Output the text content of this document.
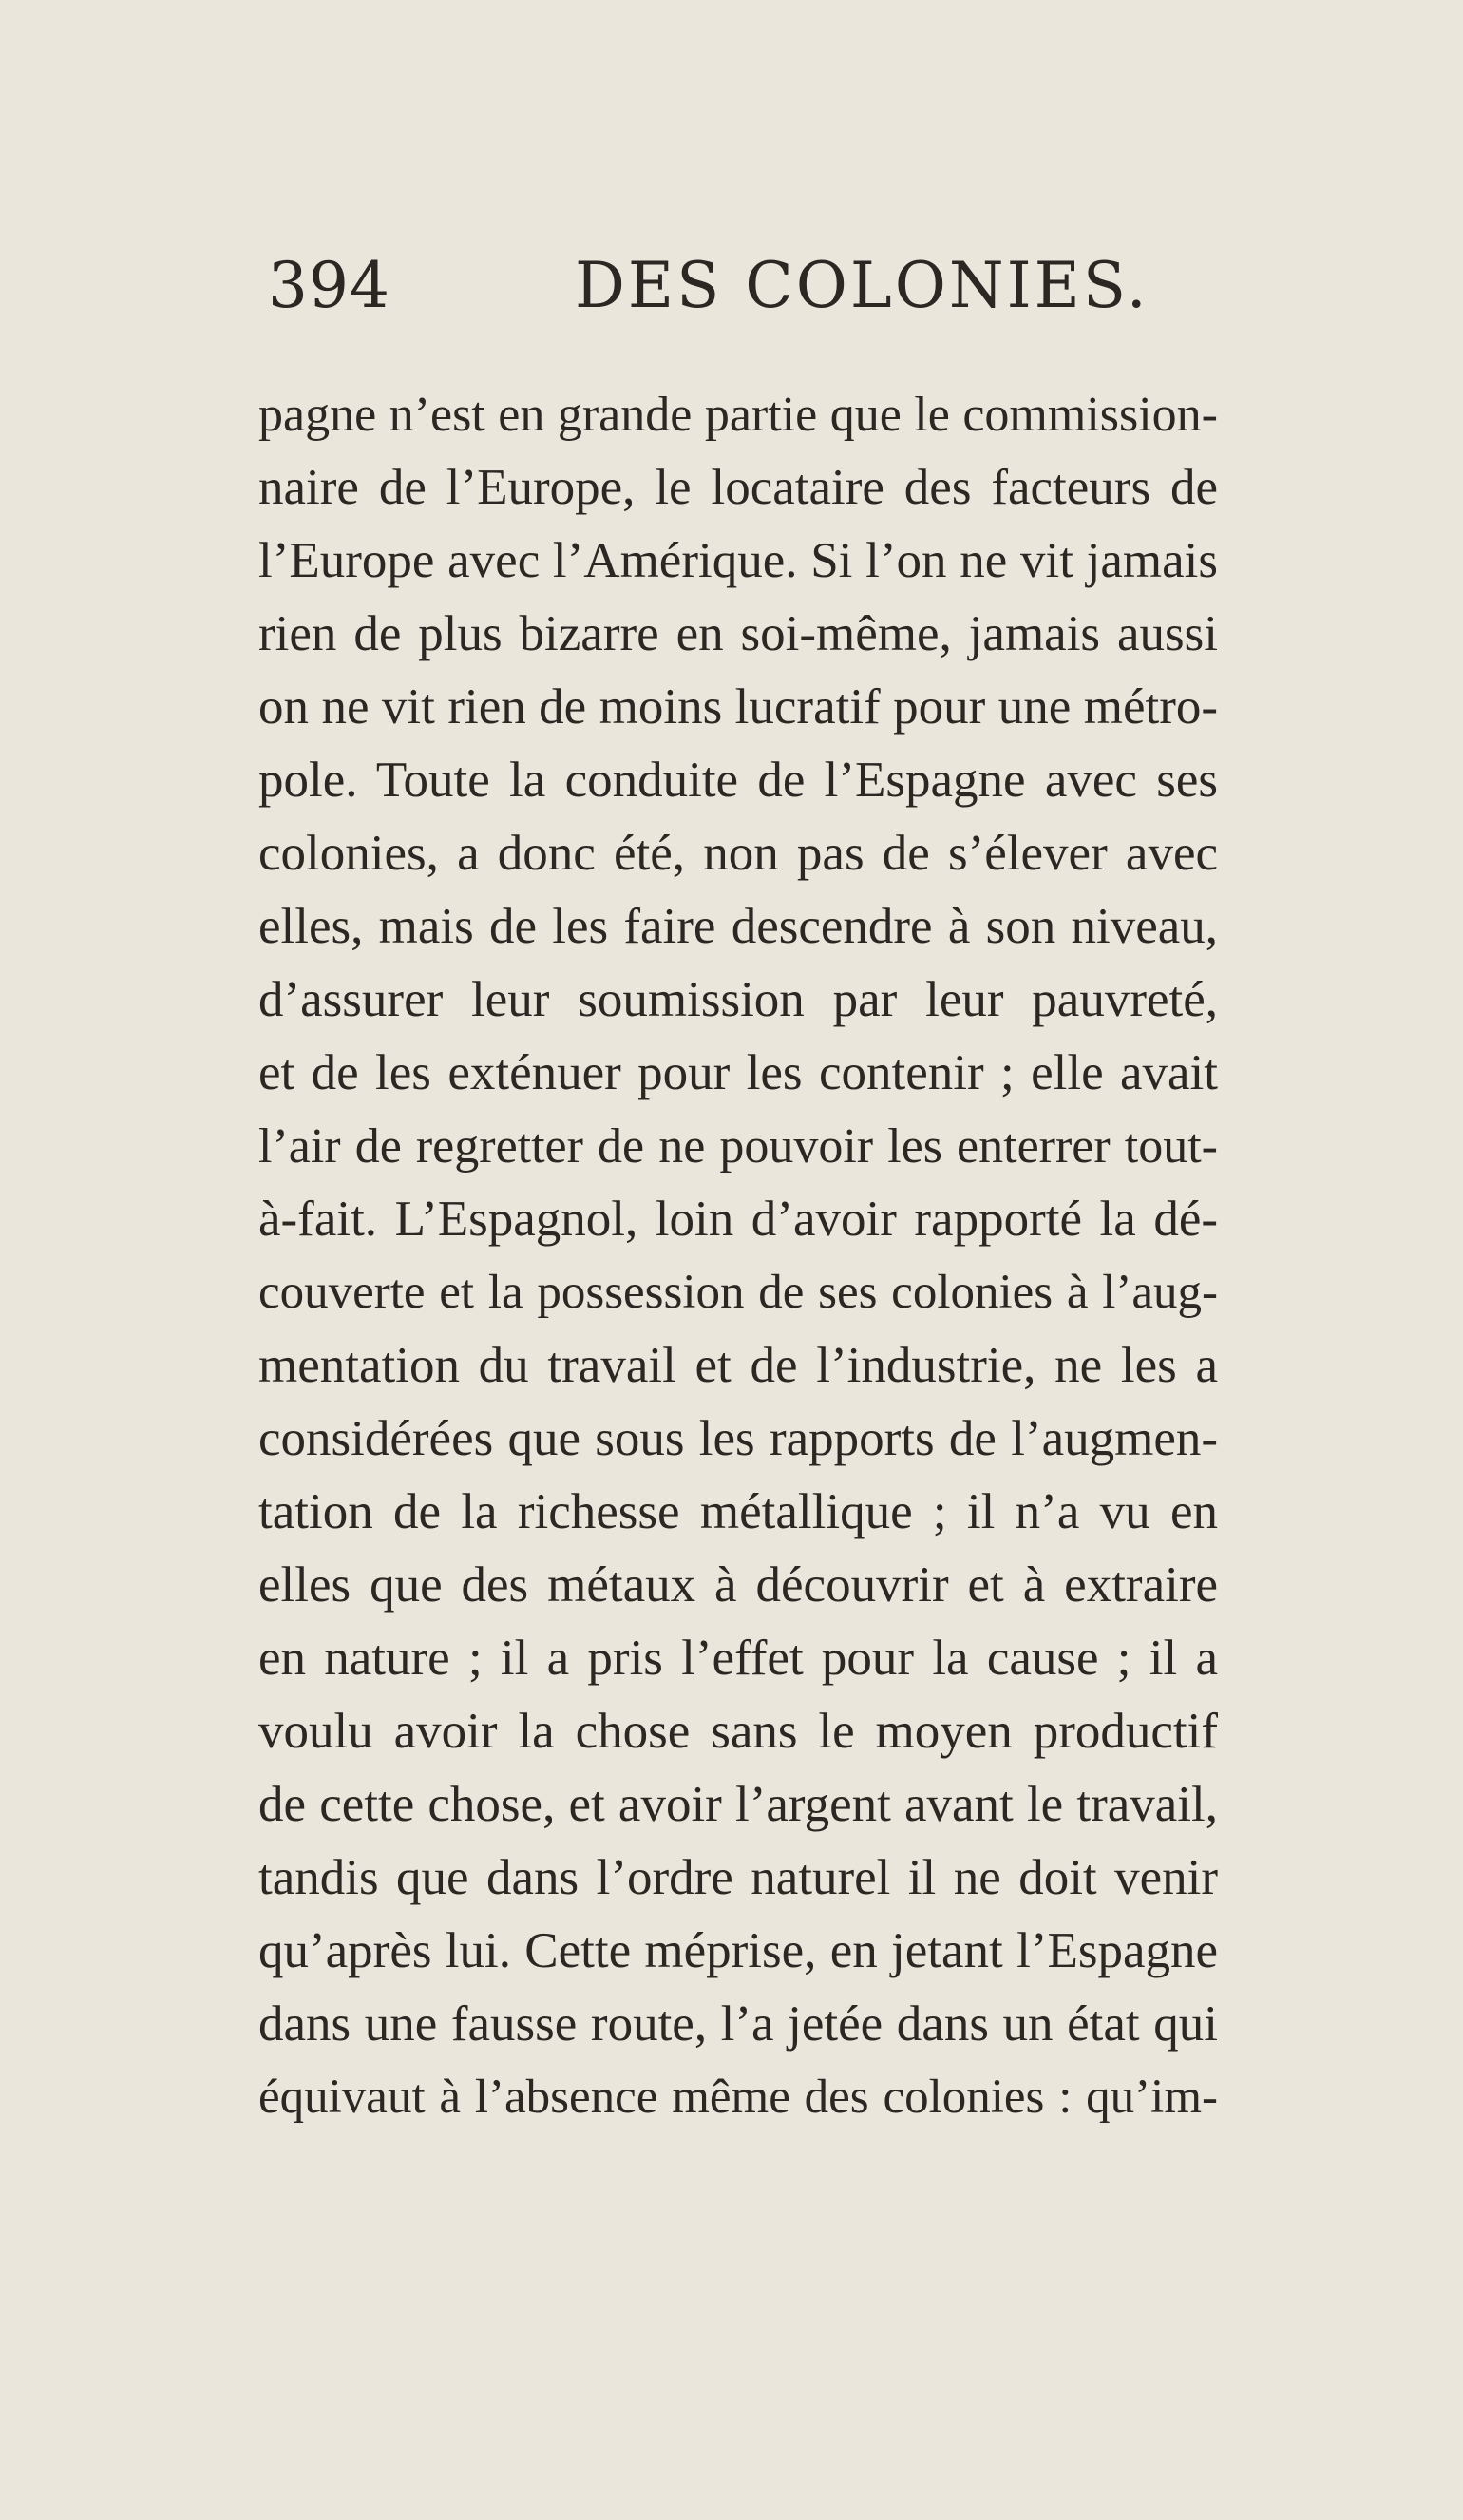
394	DES COLONIES.
pagne n’est en grande partie que le commission-
naire de l’Europe, le locataire des facteurs de
l’Europe avec l’Amérique. Si l’on ne vit jamais
rien de plus bizarre en soi-même, jamais aussi
on ne vit rien de moins lucratif pour une métro-
pole. Toute la conduite de l’Espagne avec ses
colonies, a donc été, non pas de s’élever avec
elles, mais de les faire descendre à son niveau,
d’assurer leur soumission par leur pauvreté,
et de les exténuer pour les contenir ; elle avait
l’air de regretter de ne pouvoir les enterrer tout-
à-fait. L’Espagnol, loin d’avoir rapporté la dé-
couverte et la possession de ses colonies à l’aug-
mentation du travail et de l’industrie, ne les a
considérées que sous les rapports de l’augmen-
tation de la richesse métallique ; il n’a vu en
elles que des métaux à découvrir et à extraire
en nature ; il a pris l’effet pour la cause ; il a
voulu avoir la chose sans le moyen productif
de cette chose, et avoir l’argent avant le travail,
tandis que dans l’ordre naturel il ne doit venir
qu’après lui. Cette méprise, en jetant l’Espagne
dans une fausse route, l’a jetée dans un état qui
équivaut à l’absence même des colonies : qu’im-
